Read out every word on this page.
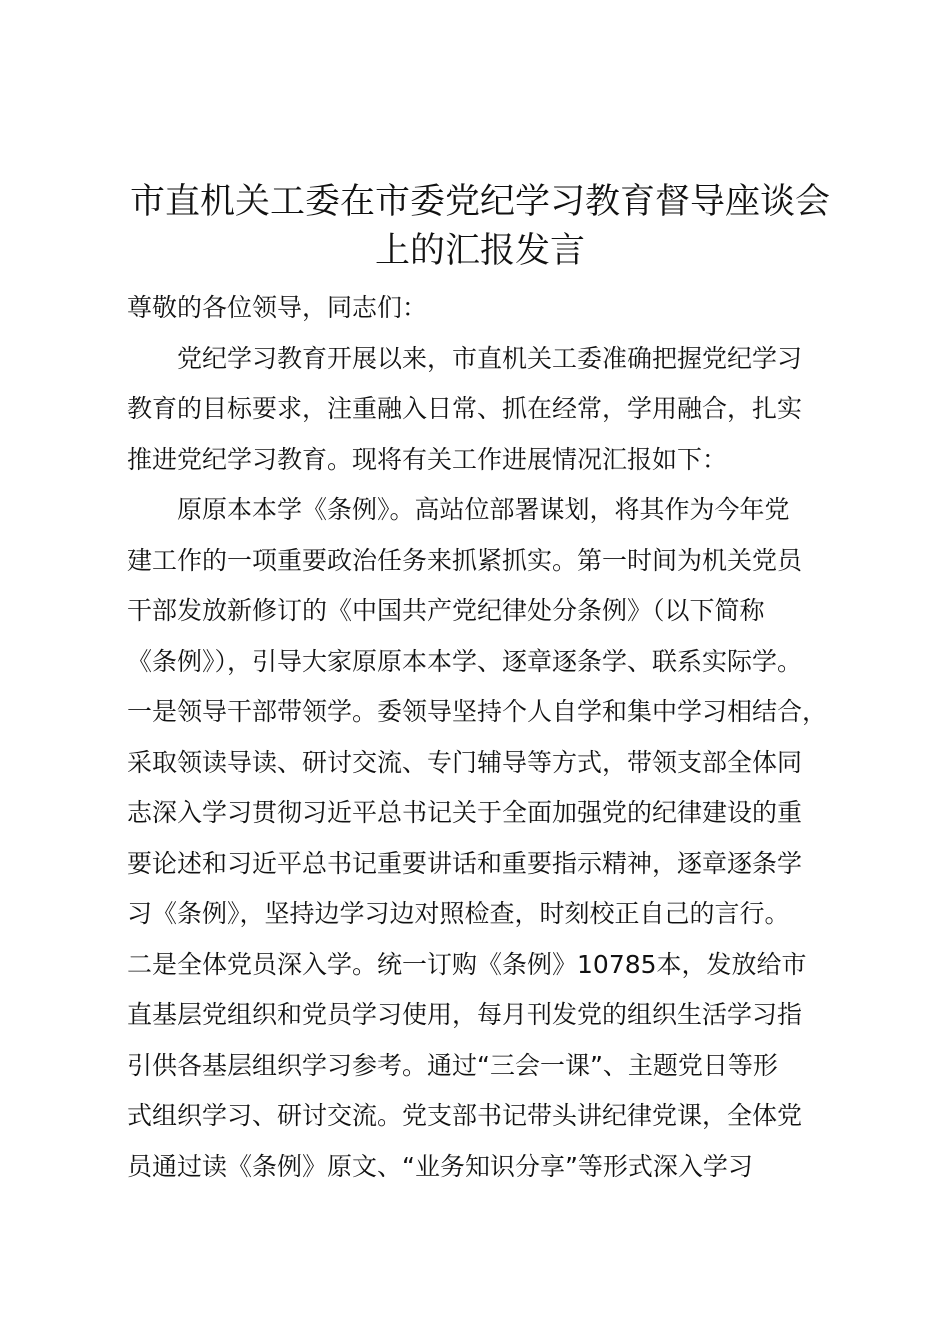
市直机关工委在市委党纪学习教育督导座谈会
上的汇报发言
尊敬的各位领导，同志们：
党纪学习教育开展以来，市直机关工委准确把握党纪学习
教育的目标要求，注重融入日常、抓在经常，学用融合，扎实
推进党纪学习教育。现将有关工作进展情况汇报如下：
原原本本学《条例》。高站位部署谋划，将其作为今年党
建工作的一项重要政治任务来抓紧抓实。第一时间为机关党员
干部发放新修订的《中国共产党纪律处分条例》（以下简称
《条例》），引导大家原原本本学、逐章逐条学、联系实际学。
一是领导干部带领学。委领导坚持个人自学和集中学习相结合，
采取领读导读、研讨交流、专门辅导等方式，带领支部全体同
志深入学习贯彻习近平总书记关于全面加强党的纪律建设的重
要论述和习近平总书记重要讲话和重要指示精神，逐章逐条学
习《条例》，坚持边学习边对照检查，时刻校正自己的言行。
二是全体党员深入学。统一订购《条例》10785本，发放给市
直基层党组织和党员学习使用，每月刊发党的组织生活学习指
引供各基层组织学习参考。通过“三会一课”、主题党日等形
式组织学习、研讨交流。党支部书记带头讲纪律党课，全体党
员通过读《条例》原文、“业务知识分享”等形式深入学习
